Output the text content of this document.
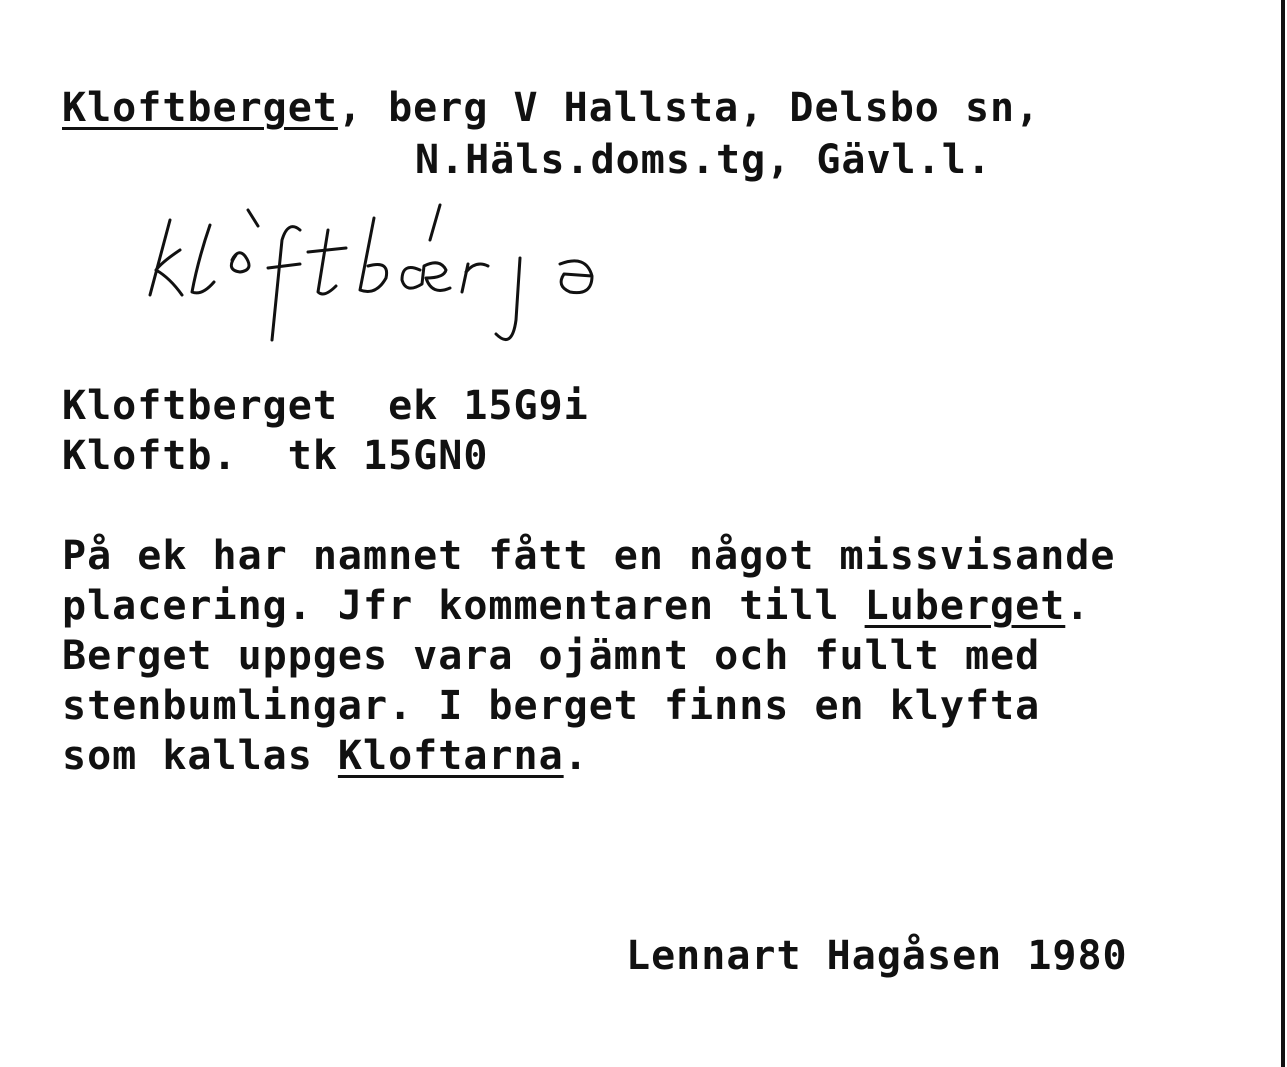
Kloftberget, berg V Hallsta, Delsbo sn,
N.Häls.doms.tg, Gävl.l.
klåftbærja
Kloftberget ek 15G9i
Kloftb. tk 15GN0
På ek har namnet fått en något missvisande
placering. Jfr kommentaren till Luberget.
Berget uppges vara ojämnt och fullt med
stenbumlingar. I berget finns en klyfta
som kallas Kloftarna.
Lennart Hagåsen 1980
